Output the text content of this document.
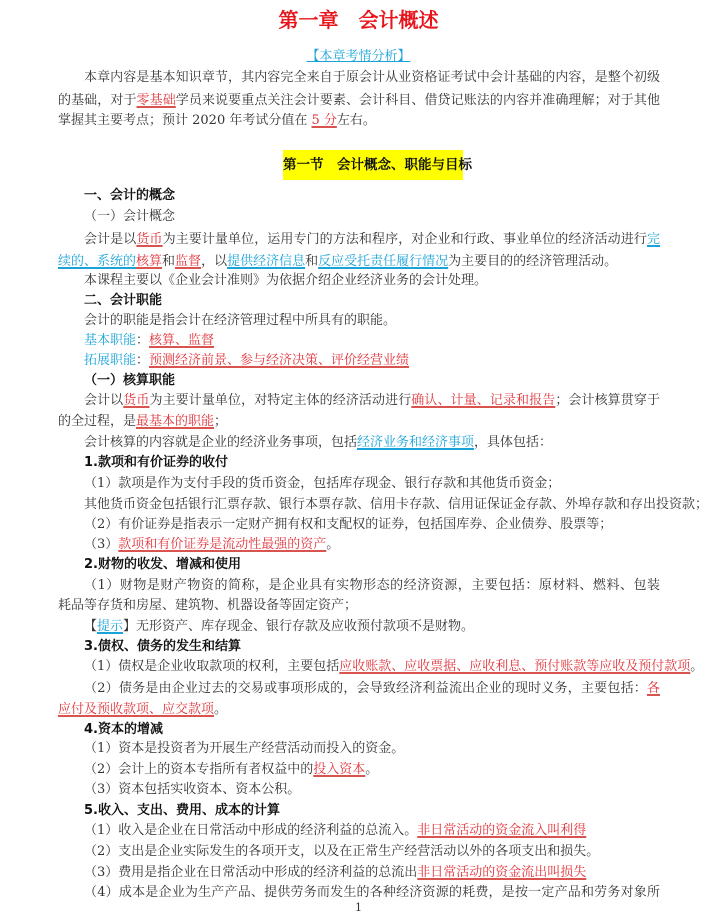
第一章　会计概述
【本章考情分析】
本章内容是基本知识章节，其内容完全来自于原会计从业资格证考试中会计基础的内容，是整个初级
的基础，对于零基础学员来说要重点关注会计要素、会计科目、借贷记账法的内容并准确理解；对于其他
掌握其主要考点；预计 2020 年考试分值在 5 分左右。
第一节　会计概念、职能与目标
一、会计的概念
（一）会计概念
会计是以货币为主要计量单位，运用专门的方法和程序，对企业和行政、事业单位的经济活动进行完
续的、系统的核算和监督，以提供经济信息和反应受托责任履行情况为主要目的的经济管理活动。
本课程主要以《企业会计准则》为依据介绍企业经济业务的会计处理。
二、会计职能
会计的职能是指会计在经济管理过程中所具有的职能。
基本职能：核算、监督
拓展职能：预测经济前景、参与经济决策、评价经营业绩
（一）核算职能
会计以货币为主要计量单位，对特定主体的经济活动进行确认、计量、记录和报告；会计核算贯穿于
的全过程，是最基本的职能；
会计核算的内容就是企业的经济业务事项，包括经济业务和经济事项，具体包括：
1.款项和有价证券的收付
（1）款项是作为支付手段的货币资金，包括库存现金、银行存款和其他货币资金；
其他货币资金包括银行汇票存款、银行本票存款、信用卡存款、信用证保证金存款、外埠存款和存出投资款；
（2）有价证券是指表示一定财产拥有权和支配权的证券，包括国库券、企业债券、股票等；
（3）款项和有价证券是流动性最强的资产。
2.财物的收发、增减和使用
（1）财物是财产物资的简称，是企业具有实物形态的经济资源，主要包括：原材料、燃料、包装
耗品等存货和房屋、建筑物、机器设备等固定资产；
【提示】无形资产、库存现金、银行存款及应收预付款项不是财物。
3.债权、债务的发生和结算
（1）债权是企业收取款项的权利，主要包括应收账款、应收票据、应收利息、预付账款等应收及预付款项。
（2）债务是由企业过去的交易或事项形成的，会导致经济利益流出企业的现时义务，主要包括：各
应付及预收款项、应交款项。
4.资本的增减
（1）资本是投资者为开展生产经营活动而投入的资金。
（2）会计上的资本专指所有者权益中的投入资本。
（3）资本包括实收资本、资本公积。
5.收入、支出、费用、成本的计算
（1）收入是企业在日常活动中形成的经济利益的总流入。非日常活动的资金流入叫利得
（2）支出是企业实际发生的各项开支，以及在正常生产经营活动以外的各项支出和损失。
（3）费用是指企业在日常活动中形成的经济利益的总流出非日常活动的资金流出叫损失
（4）成本是企业为生产产品、提供劳务而发生的各种经济资源的耗费，是按一定产品和劳务对象所
1
